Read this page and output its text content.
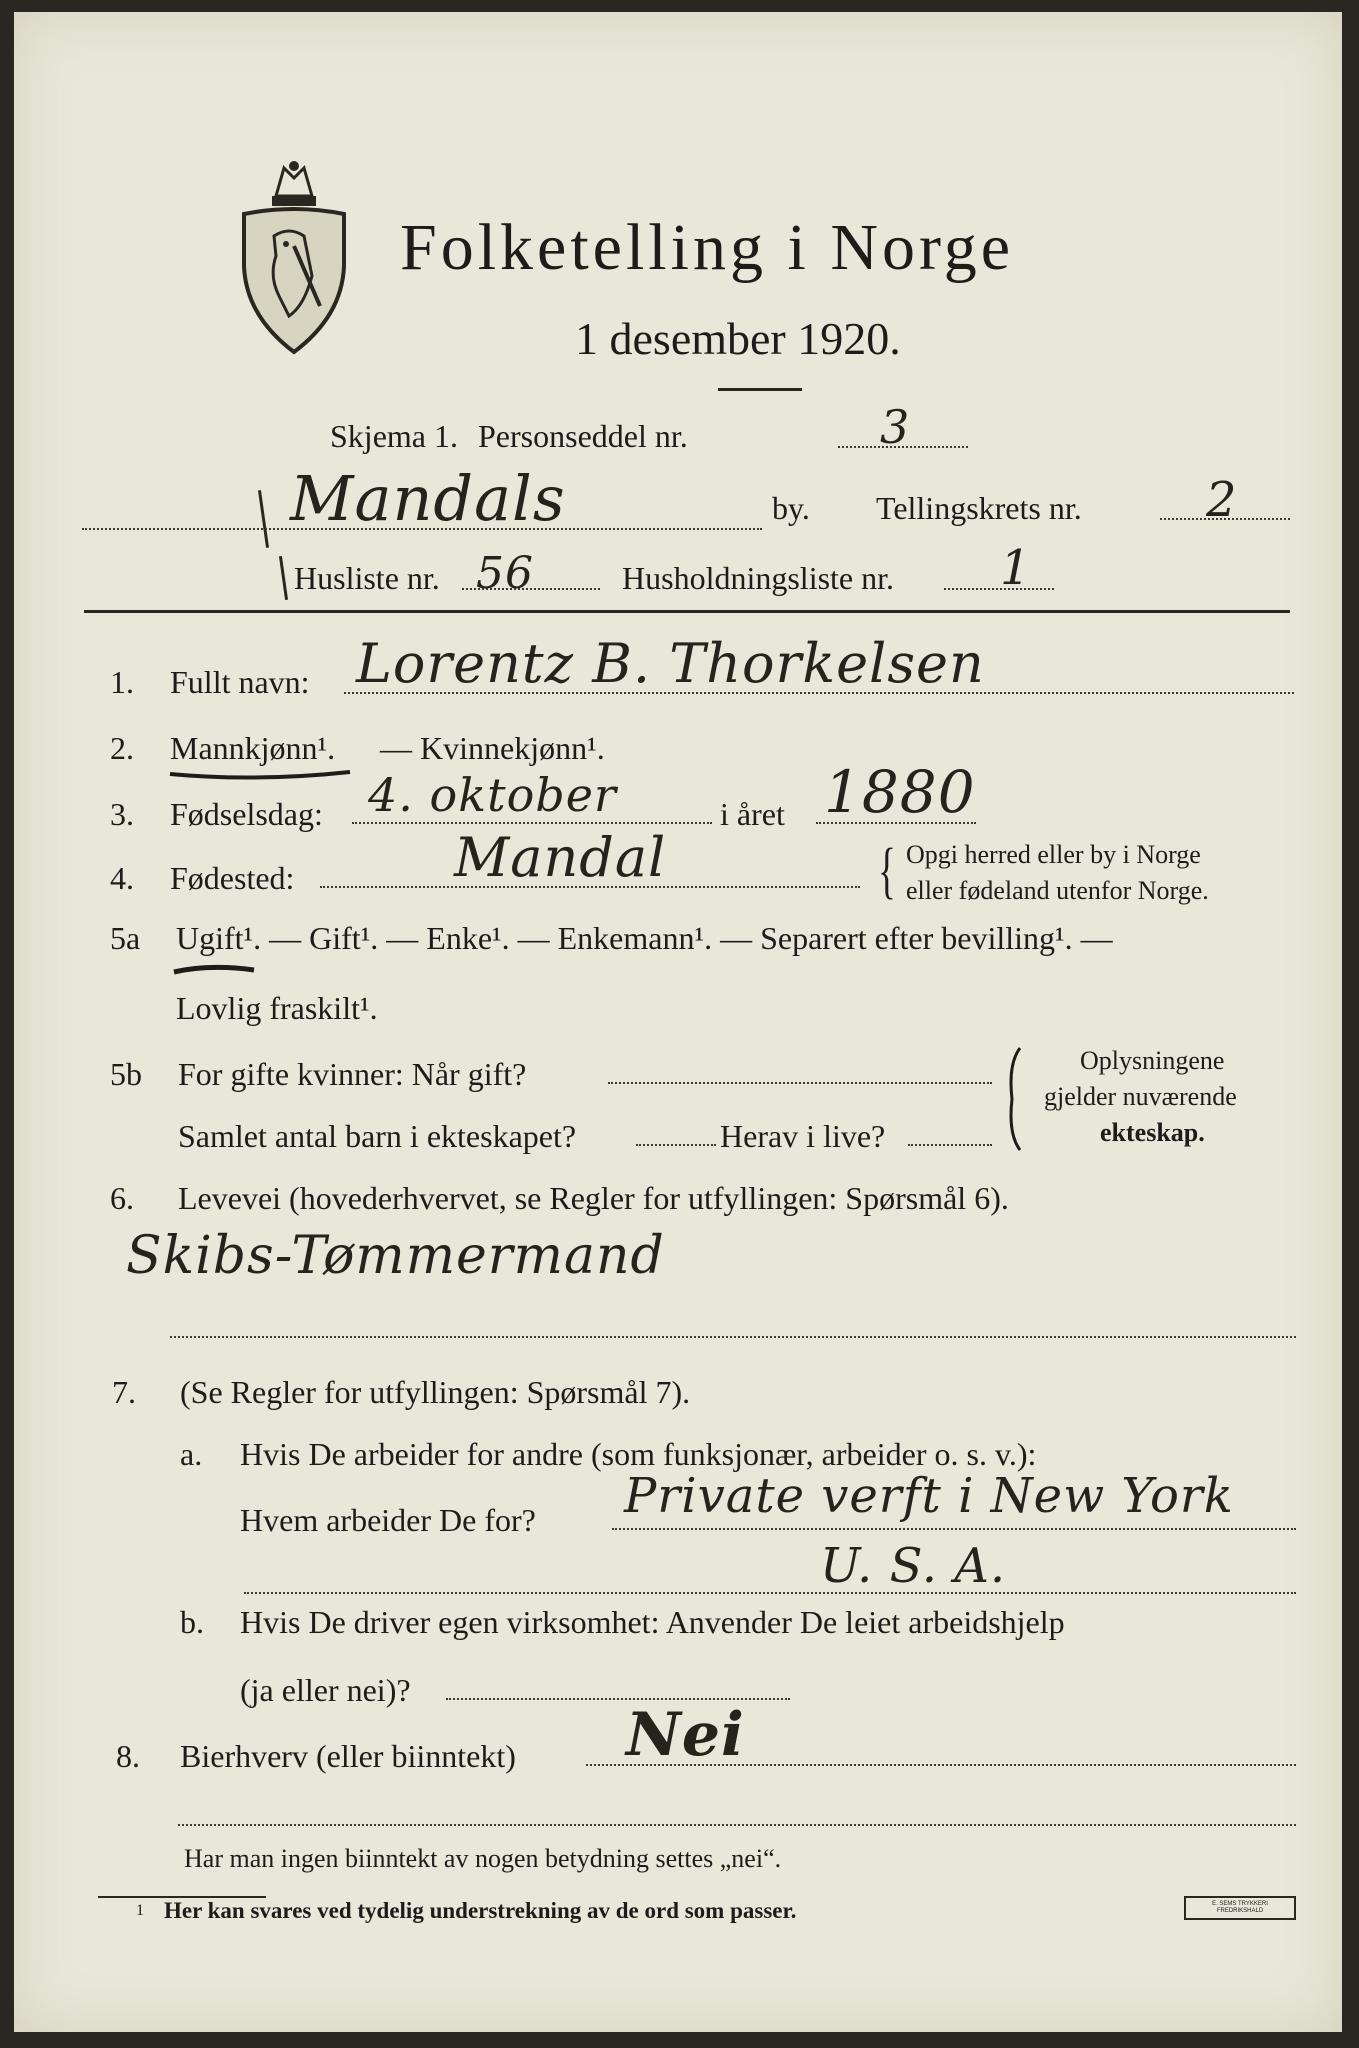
Folketelling i Norge
1 desember 1920.
Skjema 1. Personseddel nr.	3
Mandals	by. Tellingskrets nr.	2
Husliste nr. 56	Husholdningsliste nr. 1
1. Fullt navn: Lorentz B. Thorkelsen
2. Mannkjønn¹. — Kvinnekjønn¹.
3. Fødselsdag: 4. oktober	i året 1880
4. Fødested:	Mandal	{ Opgi herred eller by i Norge
eller fødeland utenfor Norge.
5a Ugift¹. — Gift¹. — Enke¹. — Enkemann¹. — Separert efter bevilling¹. —
Lovlig fraskilt¹.
5b For gifte kvinner: Når gift?
Samlet antal barn i ekteskapet?	Herav i live?
Oplysningene
gjelder nuværende
ekteskap.
6. Levevei (hovederhvervet, se Regler for utfyllingen: Spørsmål 6).
Skibs-Tømmermand
7. (Se Regler for utfyllingen: Spørsmål 7).
a. Hvis De arbeider for andre (som funksjonær, arbeider o. s. v.):
Hvem arbeider De for? Private verft i New York
U. S. A.
b. Hvis De driver egen virksomhet: Anvender De leiet arbeidshjelp
(ja eller nei)?
8. Bierhverv (eller biinntekt) Nei
Har man ingen biinntekt av nogen betydning settes „nei“.
1 Her kan svares ved tydelig understrekning av de ord som passer.	E. SEMS TRYKKERI FREDRIKSHALD
